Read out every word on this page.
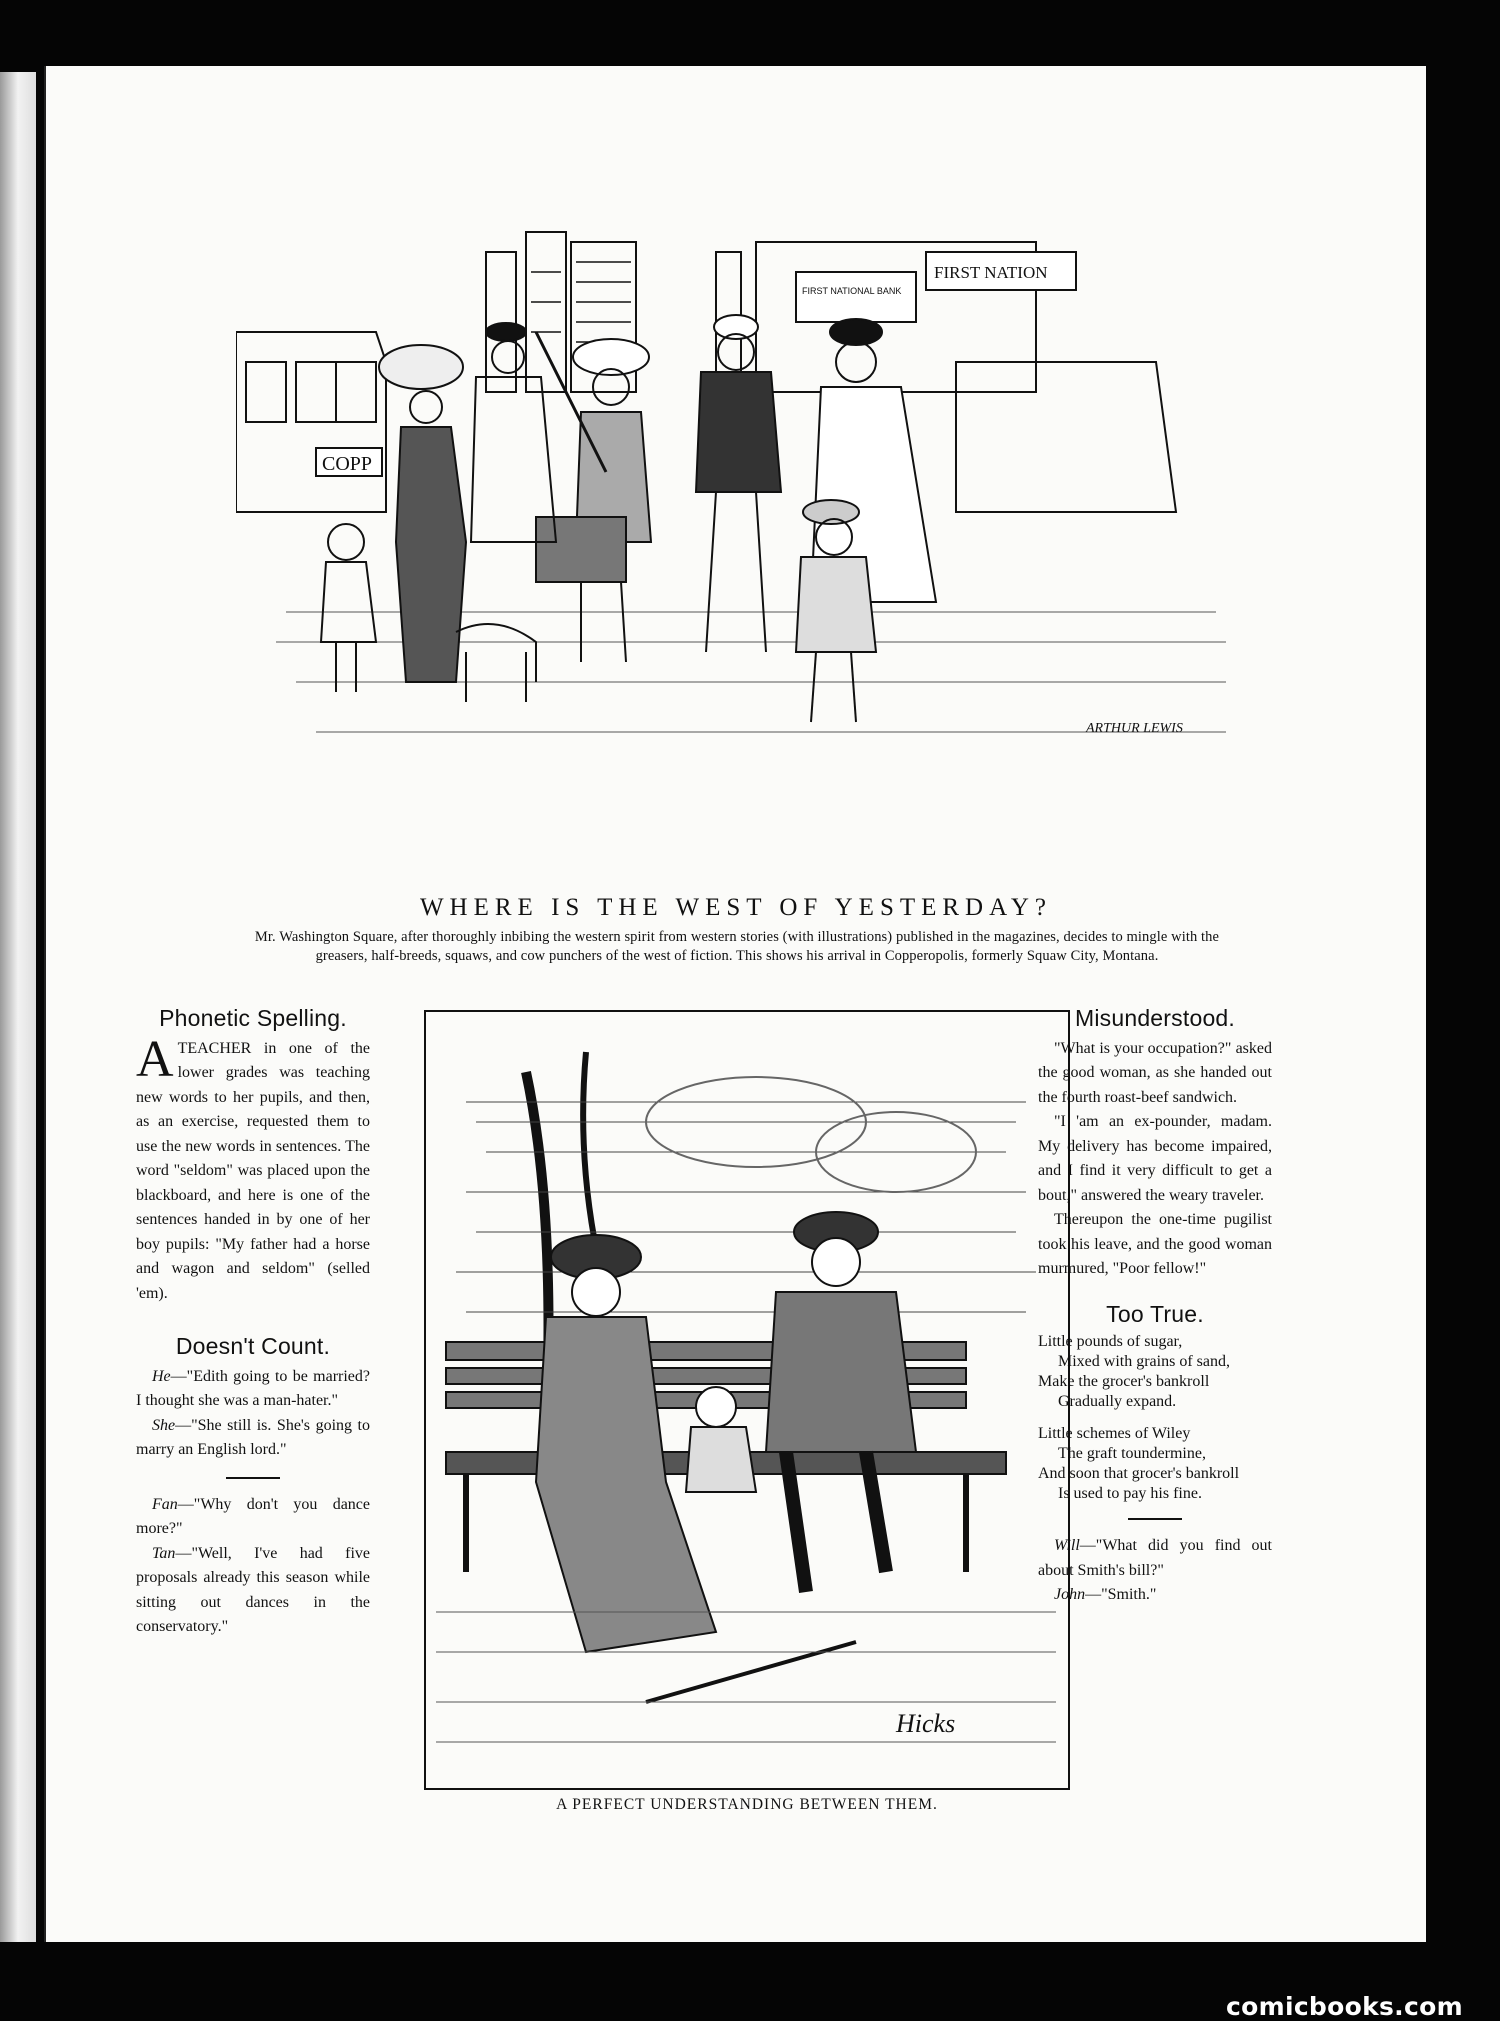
COPP
FIRST NATIONAL BANK
FIRST NATION
ARTHUR LEWIS
WHERE IS THE WEST OF YESTERDAY?

Mr. Washington Square, after thoroughly inbibing the western spirit from western stories (with illustrations) published in the magazines, decides to mingle with the greasers, half-breeds, squaws, and cow punchers of the west of fiction. This shows his arrival in Copperopolis, formerly Squaw City, Montana.

Phonetic Spelling.

ATEACHER in one of the lower grades was teaching new words to her pupils, and then, as an exercise, requested them to use the new words in sentences. The word "seldom" was placed upon the blackboard, and here is one of the sentences handed in by one of her boy pupils: "My father had a horse and wagon and seldom" (selled 'em).

Doesn't Count.

He—"Edith going to be married? I thought she was a man-hater."

She—"She still is. She's going to marry an English lord."

Fan—"Why don't you dance more?"

Tan—"Well, I've had five proposals already this season while sitting out dances in the conservatory."

Hicks

A PERFECT UNDERSTANDING BETWEEN THEM.

Misunderstood.

"What is your occupation?" asked the good woman, as she handed out the fourth roast-beef sandwich.

"I 'am an ex-pounder, madam. My delivery has become impaired, and I find it very difficult to get a bout," answered the weary traveler.

Thereupon the one-time pugilist took his leave, and the good woman murmured, "Poor fellow!"

Too True.
Little pounds of sugar,
Mixed with grains of sand,
Make the grocer's bankroll
Gradually expand.
Little schemes of Wiley
The graft toundermine,
And soon that grocer's bankroll
Is used to pay his fine.

Will—"What did you find out about Smith's bill?"

John—"Smith."

comicbooks.com
